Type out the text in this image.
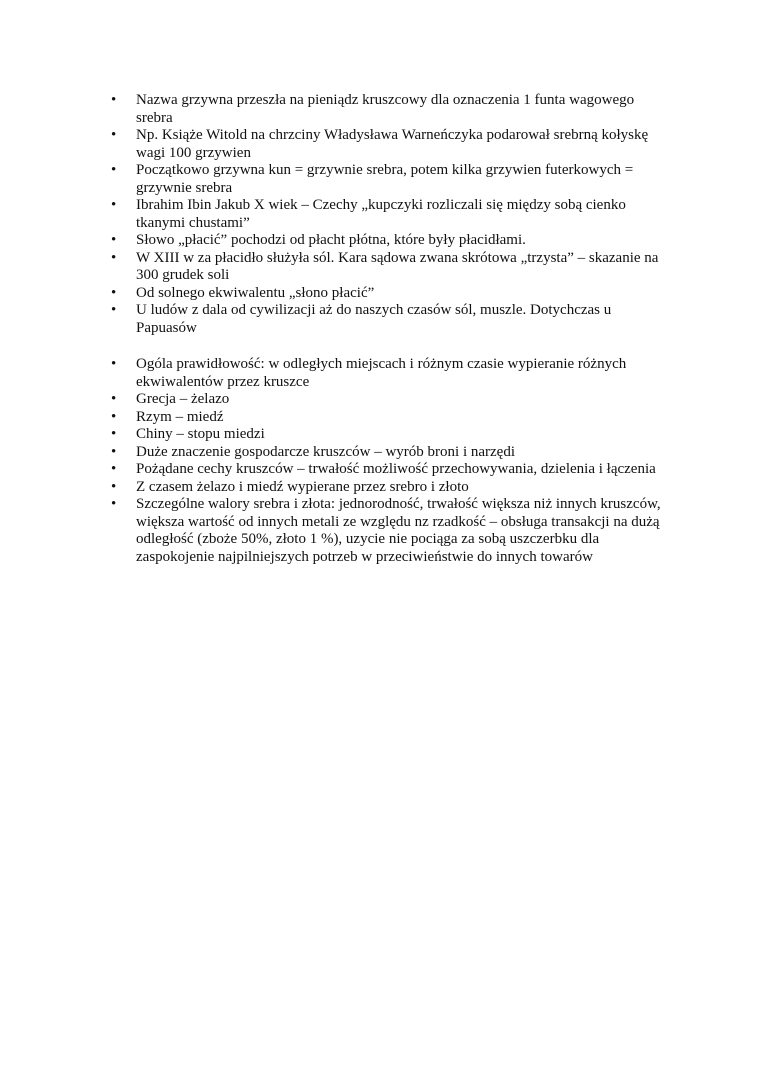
• Nazwa grzywna przeszła na pieniądz kruszcowy dla oznaczenia 1 funta wagowego srebra
• Np. Książe Witold na chrzciny Władysława Warneńczyka podarował srebrną kołyskę wagi 100 grzywien
• Początkowo grzywna kun = grzywnie srebra, potem kilka grzywien futerkowych = grzywnie srebra
• Ibrahim Ibin Jakub X wiek – Czechy „kupczyki rozliczali się między sobą cienko tkanymi chustami”
• Słowo „płacić” pochodzi od płacht płótna, które były płacidłami.
• W XIII w za płacidło służyła sól. Kara sądowa zwana skrótowa „trzysta” – skazanie na 300 grudek soli
• Od solnego ekwiwalentu „słono płacić”
• U ludów z dala od cywilizacji aż do naszych czasów sól, muszle. Dotychczas u Papuasów
• Ogóla prawidłowość: w odległych miejscach i różnym czasie wypieranie różnych ekwiwalentów przez kruszce
• Grecja – żelazo
• Rzym – miedź
• Chiny – stopu miedzi
• Duże znaczenie gospodarcze kruszców – wyrób broni i narzędi
• Pożądane cechy kruszców – trwałość możliwość przechowywania, dzielenia i łączenia
• Z czasem żelazo i miedź wypierane przez srebro i złoto
• Szczególne walory srebra i złota: jednorodność, trwałość większa niż innych kruszców, większa wartość od innych metali ze względu nz rzadkość – obsługa transakcji na dużą odległość (zboże 50%, złoto 1 %), uzycie nie pociąga za sobą uszczerbku dla zaspokojenie najpilniejszych potrzeb w przeciwieństwie do innych towarów
